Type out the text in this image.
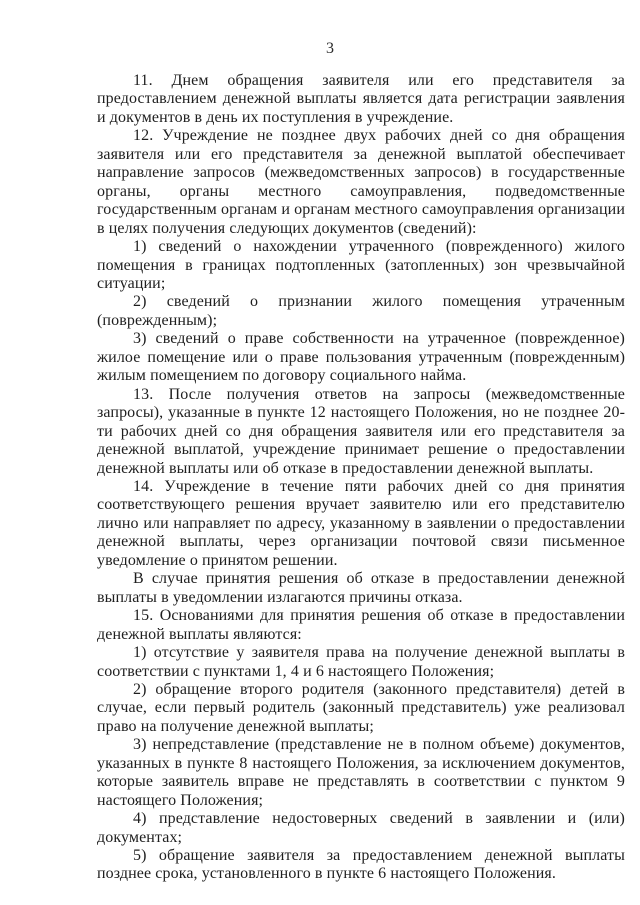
3

11. Днем обращения заявителя или его представителя за предоставлением денежной выплаты является дата регистрации заявления и документов в день их поступления в учреждение.

12. Учреждение не позднее двух рабочих дней со дня обращения заявителя или его представителя за денежной выплатой обеспечивает направление запросов (межведомственных запросов) в государственные органы, органы местного самоуправления, подведомственные государственным органам и органам местного самоуправления организации в целях получения следующих документов (сведений):

1) сведений о нахождении утраченного (поврежденного) жилого помещения в границах подтопленных (затопленных) зон чрезвычайной ситуации;

2) сведений о признании жилого помещения утраченным (поврежденным);

3) сведений о праве собственности на утраченное (поврежденное) жилое помещение или о праве пользования утраченным (поврежденным) жилым помещением по договору социального найма.

13. После получения ответов на запросы (межведомственные запросы), указанные в пункте 12 настоящего Положения, но не позднее 20-ти рабочих дней со дня обращения заявителя или его представителя за денежной выплатой, учреждение принимает решение о предоставлении денежной выплаты или об отказе в предоставлении денежной выплаты.

14. Учреждение в течение пяти рабочих дней со дня принятия соответствующего решения вручает заявителю или его представителю лично или направляет по адресу, указанному в заявлении о предоставлении денежной выплаты, через организации почтовой связи письменное уведомление о принятом решении.

В случае принятия решения об отказе в предоставлении денежной выплаты в уведомлении излагаются причины отказа.

15. Основаниями для принятия решения об отказе в предоставлении денежной выплаты являются:

1) отсутствие у заявителя права на получение денежной выплаты в соответствии с пунктами 1, 4 и 6 настоящего Положения;

2) обращение второго родителя (законного представителя) детей в случае, если первый родитель (законный представитель) уже реализовал право на получение денежной выплаты;

3) непредставление (представление не в полном объеме) документов, указанных в пункте 8 настоящего Положения, за исключением документов, которые заявитель вправе не представлять в соответствии с пунктом 9 настоящего Положения;

4) представление недостоверных сведений в заявлении и (или) документах;

5) обращение заявителя за предоставлением денежной выплаты позднее срока, установленного в пункте 6 настоящего Положения.
